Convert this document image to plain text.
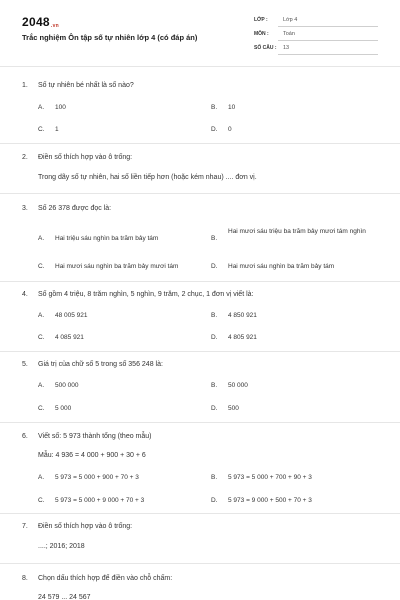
2048.vn
Trắc nghiệm Ôn tập số tự nhiên lớp 4 (có đáp án)
LỚP :	Lớp 4
MÔN :	Toán
SỐ CÂU : 13
1. Số tự nhiên bé nhất là số nào?
A. 100	B. 10
C. 1	D. 0
2. Điền số thích hợp vào ô trống:
Trong dãy số tự nhiên, hai số liền tiếp hơn (hoặc kém nhau) .... đơn vị.
3. Số 26 378 được đọc là:
A. Hai triệu sáu nghìn ba trăm bảy tám	B.
Hai mươi sáu triệu ba trăm bảy mươi tám nghìn
C. Hai mươi sáu nghìn ba trăm bảy mươi tám	D. Hai mươi sáu nghìn ba trăm bảy tám
4. Số gồm 4 triệu, 8 trăm nghìn, 5 nghìn, 9 trăm, 2 chục, 1 đơn vị viết là:
A. 48 005 921	B. 4 850 921
C. 4 085 921	D. 4 805 921
5. Giá trị của chữ số 5 trong số 356 248 là:
A. 500 000	B. 50 000
C. 5 000	D. 500
6. Viết số: 5 973 thành tổng (theo mẫu)
Mẫu: 4 936 = 4 000 + 900 + 30 + 6
A. 5 973 = 5 000 + 900 + 70 + 3	B. 5 973 = 5 000 + 700 + 90 + 3
C. 5 973 = 5 000 + 9 000 + 70 + 3	D. 5 973 = 9 000 + 500 + 70 + 3
7. Điền số thích hợp vào ô trống:
....; 2016; 2018
8. Chọn dấu thích hợp để điền vào chỗ chấm:
24 579 ... 24 567
